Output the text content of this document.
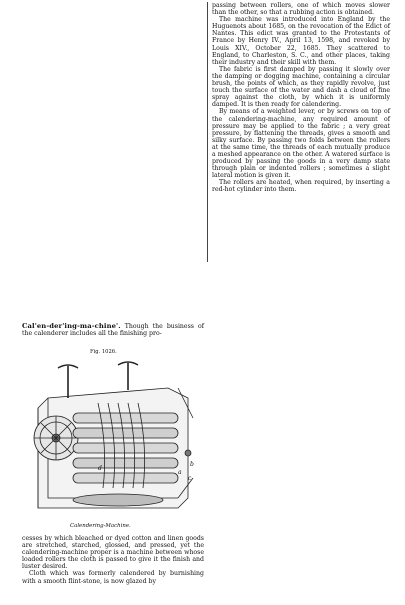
passing between rollers, one of which moves slower than the other, so that a rubbing action is obtained.

The machine was introduced into England by the Huguenots about 1685, on the revocation of the Edict of Nantes. This edict was granted to the Protestants of France by Henry IV., April 13, 1598, and revoked by Louis XIV., October 22, 1685. They scattered to England, to Charleston, S. C., and other places, taking their industry and their skill with them.

The fabric is first damped by passing it slowly over the damping or dogging machine, containing a circular brush, the points of which, as they rapidly revolve, just touch the surface of the water and dash a cloud of fine spray against the cloth, by which it is uniformly damped. It is then ready for calendering.

By means of a weighted lever, or by screws on top of the calendering-machine, any required amount of pressure may be applied to the fabric ; a very great pressure, by flattening the threads, gives a smooth and silky surface. By passing two folds between the rollers at the same time, the threads of each mutually produce a meshed appearance on the other. A watered surface is produced by passing the goods in a very damp state through plain or indented rollers ; sometimes a slight lateral motion is given it.

The rollers are heated, when required, by inserting a red-hot cylinder into them.

Cal'en-der'ing-ma-chine'. Though the business of the calenderer includes all the finishing pro-

Fig. 1026.
d
b
a
c
Calendering-Machine.

cesses by which bleached or dyed cotton and linen goods are stretched, starched, glossed, and pressed, yet the calendering-machine proper is a machine between whose loaded rollers the cloth is passed to give it the finish and luster desired.

Cloth which was formerly calendered by burnishing with a smooth flint-stone, is now glazed by
